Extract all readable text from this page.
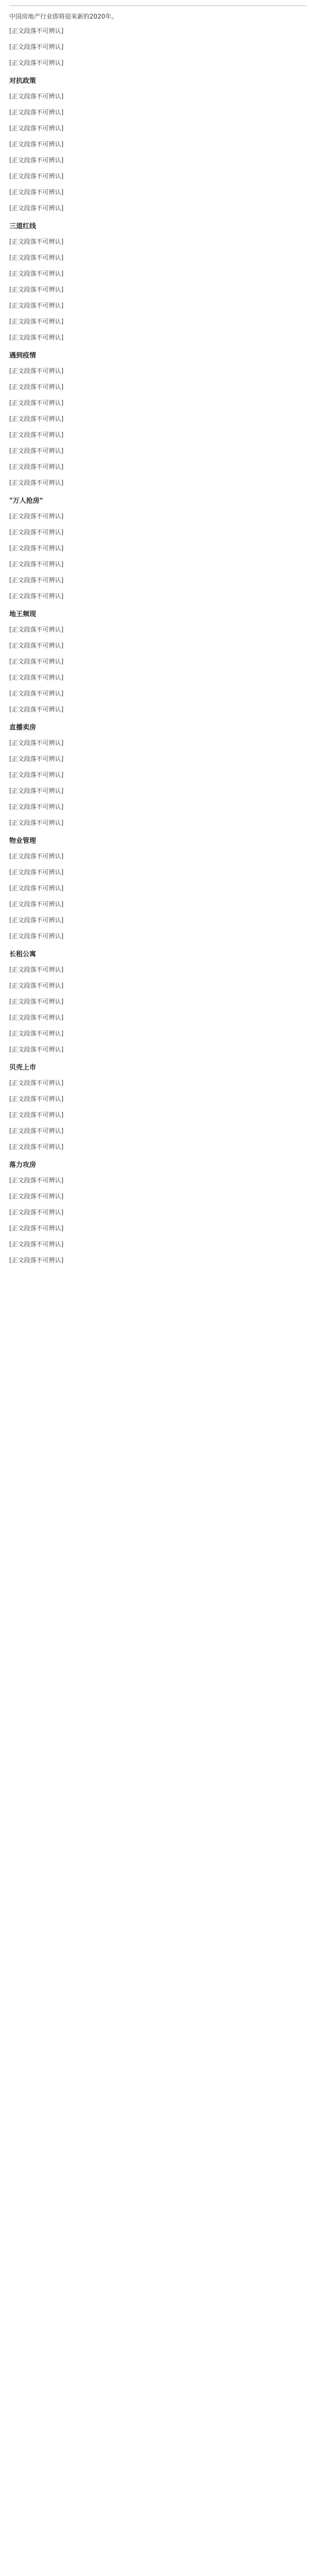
中国房地产行业即将迎来新的2020年。

[正文段落不可辨认]

[正文段落不可辨认]

[正文段落不可辨认]

对抗政策

[正文段落不可辨认]

[正文段落不可辨认]

[正文段落不可辨认]

[正文段落不可辨认]

[正文段落不可辨认]

[正文段落不可辨认]

[正文段落不可辨认]

[正文段落不可辨认]

三道红线

[正文段落不可辨认]

[正文段落不可辨认]

[正文段落不可辨认]

[正文段落不可辨认]

[正文段落不可辨认]

[正文段落不可辨认]

[正文段落不可辨认]

遇到疫情

[正文段落不可辨认]

[正文段落不可辨认]

[正文段落不可辨认]

[正文段落不可辨认]

[正文段落不可辨认]

[正文段落不可辨认]

[正文段落不可辨认]

[正文段落不可辨认]

"万人抢房"

[正文段落不可辨认]

[正文段落不可辨认]

[正文段落不可辨认]

[正文段落不可辨认]

[正文段落不可辨认]

[正文段落不可辨认]

地王频现

[正文段落不可辨认]

[正文段落不可辨认]

[正文段落不可辨认]

[正文段落不可辨认]

[正文段落不可辨认]

[正文段落不可辨认]

直播卖房

[正文段落不可辨认]

[正文段落不可辨认]

[正文段落不可辨认]

[正文段落不可辨认]

[正文段落不可辨认]

[正文段落不可辨认]

物业管理

[正文段落不可辨认]

[正文段落不可辨认]

[正文段落不可辨认]

[正文段落不可辨认]

[正文段落不可辨认]

[正文段落不可辨认]

长租公寓

[正文段落不可辨认]

[正文段落不可辨认]

[正文段落不可辨认]

[正文段落不可辨认]

[正文段落不可辨认]

[正文段落不可辨认]

贝壳上市

[正文段落不可辨认]

[正文段落不可辨认]

[正文段落不可辨认]

[正文段落不可辨认]

[正文段落不可辨认]

落力攻房

[正文段落不可辨认]

[正文段落不可辨认]

[正文段落不可辨认]

[正文段落不可辨认]

[正文段落不可辨认]

[正文段落不可辨认]
